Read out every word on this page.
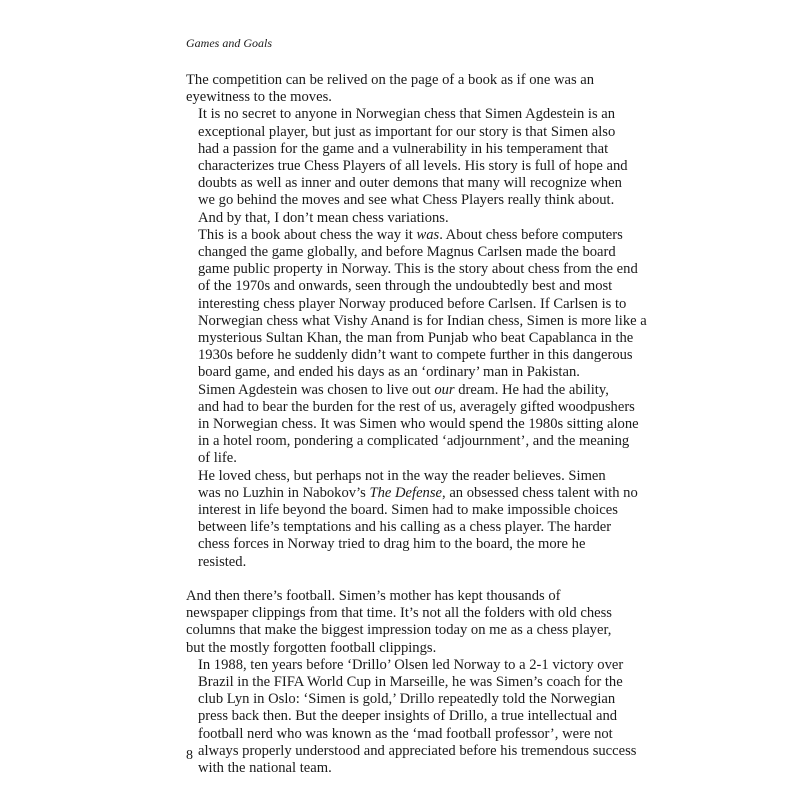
Games and Goals

The competition can be relived on the page of a book as if one was an
eyewitness to the moves.

It is no secret to anyone in Norwegian chess that Simen Agdestein is an
exceptional player, but just as important for our story is that Simen also
had a passion for the game and a vulnerability in his temperament that
characterizes true Chess Players of all levels. His story is full of hope and
doubts as well as inner and outer demons that many will recognize when
we go behind the moves and see what Chess Players really think about.
And by that, I don’t mean chess variations.

This is a book about chess the way it was. About chess before computers
changed the game globally, and before Magnus Carlsen made the board
game public property in Norway. This is the story about chess from the end
of the 1970s and onwards, seen through the undoubtedly best and most
interesting chess player Norway produced before Carlsen. If Carlsen is to
Norwegian chess what Vishy Anand is for Indian chess, Simen is more like a
mysterious Sultan Khan, the man from Punjab who beat Capablanca in the
1930s before he suddenly didn’t want to compete further in this dangerous
board game, and ended his days as an ‘ordinary’ man in Pakistan.

Simen Agdestein was chosen to live out our dream. He had the ability,
and had to bear the burden for the rest of us, averagely gifted woodpushers
in Norwegian chess. It was Simen who would spend the 1980s sitting alone
in a hotel room, pondering a complicated ‘adjournment’, and the meaning
of life.

He loved chess, but perhaps not in the way the reader believes. Simen
was no Luzhin in Nabokov’s The Defense, an obsessed chess talent with no
interest in life beyond the board. Simen had to make impossible choices
between life’s temptations and his calling as a chess player. The harder
chess forces in Norway tried to drag him to the board, the more he
resisted.

And then there’s football. Simen’s mother has kept thousands of
newspaper clippings from that time. It’s not all the folders with old chess
columns that make the biggest impression today on me as a chess player,
but the mostly forgotten football clippings.

In 1988, ten years before ‘Drillo’ Olsen led Norway to a 2-1 victory over
Brazil in the FIFA World Cup in Marseille, he was Simen’s coach for the
club Lyn in Oslo: ‘Simen is gold,’ Drillo repeatedly told the Norwegian
press back then. But the deeper insights of Drillo, a true intellectual and
football nerd who was known as the ‘mad football professor’, were not
always properly understood and appreciated before his tremendous success
with the national team.

8
